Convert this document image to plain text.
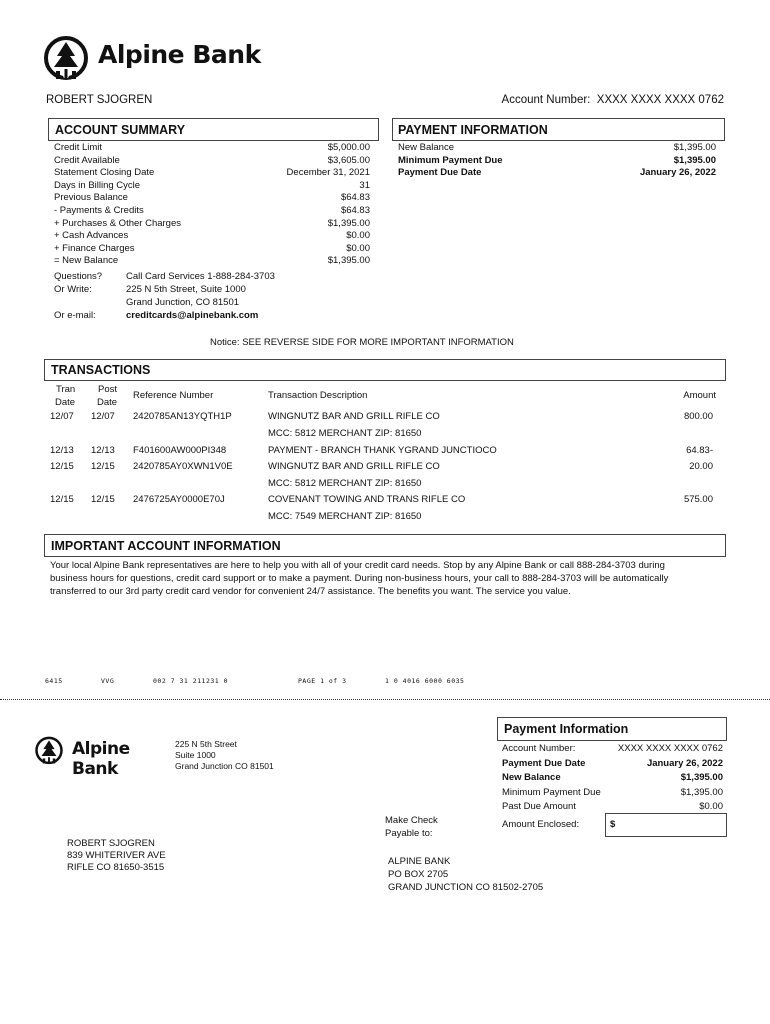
Alpine Bank
ROBERT SJOGREN	Account Number: XXXX XXXX XXXX 0762
ACCOUNT SUMMARY
Credit Limit	$5,000.00
Credit Available	$3,605.00
Statement Closing Date	December 31, 2021
Days in Billing Cycle	31
Previous Balance	$64.83
- Payments & Credits	$64.83
+ Purchases & Other Charges	$1,395.00
+ Cash Advances	$0.00
+ Finance Charges	$0.00
= New Balance	$1,395.00
Questions?	Call Card Services 1-888-284-3703
Or Write:	225 N 5th Street, Suite 1000
Grand Junction, CO 81501
Or e-mail:	creditcards@alpinebank.com
PAYMENT INFORMATION
New Balance	$1,395.00
Minimum Payment Due	$1,395.00
Payment Due Date	January 26, 2022
Notice: SEE REVERSE SIDE FOR MORE IMPORTANT INFORMATION
TRANSACTIONS
Tran
Date
Post
Date
Reference Number	Transaction Description	Amount
12/07 12/07 2420785AN13YQTH1P	WINGNUTZ BAR AND GRILL RIFLE CO	800.00
MCC: 5812 MERCHANT ZIP: 81650
12/13 12/13 F401600AW000PI348	PAYMENT - BRANCH THANK YGRAND JUNCTIOCO	64.83-
12/15 12/15 2420785AY0XWN1V0E	WINGNUTZ BAR AND GRILL RIFLE CO	20.00
MCC: 5812 MERCHANT ZIP: 81650
12/15 12/15 2476725AY0000E70J	COVENANT TOWING AND TRANS RIFLE CO	575.00
MCC: 7549 MERCHANT ZIP: 81650
IMPORTANT ACCOUNT INFORMATION
Your local Alpine Bank representatives are here to help you with all of your credit card needs. Stop by any Alpine Bank or call 888-284-3703 during
business hours for questions, credit card support or to make a payment. During non-business hours, your call to 888-284-3703 will be automatically
transferred to our 3rd party credit card vendor for convenient 24/7 assistance. The benefits you want. The service you value.
6415	VVG	002 7 31 211231 0	PAGE 1 of 3	1 0 4016 6000 6035
Alpine Bank
225 N 5th Street
Suite 1000
Grand Junction CO 81501
Payment Information
Account Number:	XXXX XXXX XXXX 0762
Payment Due Date	January 26, 2022
New Balance	$1,395.00
Minimum Payment Due	$1,395.00
Past Due Amount	$0.00
Amount Enclosed:	$
Make Check
Payable to:
ROBERT SJOGREN
839 WHITERIVER AVE
RIFLE CO 81650-3515
ALPINE BANK
PO BOX 2705
GRAND JUNCTION CO 81502-2705
